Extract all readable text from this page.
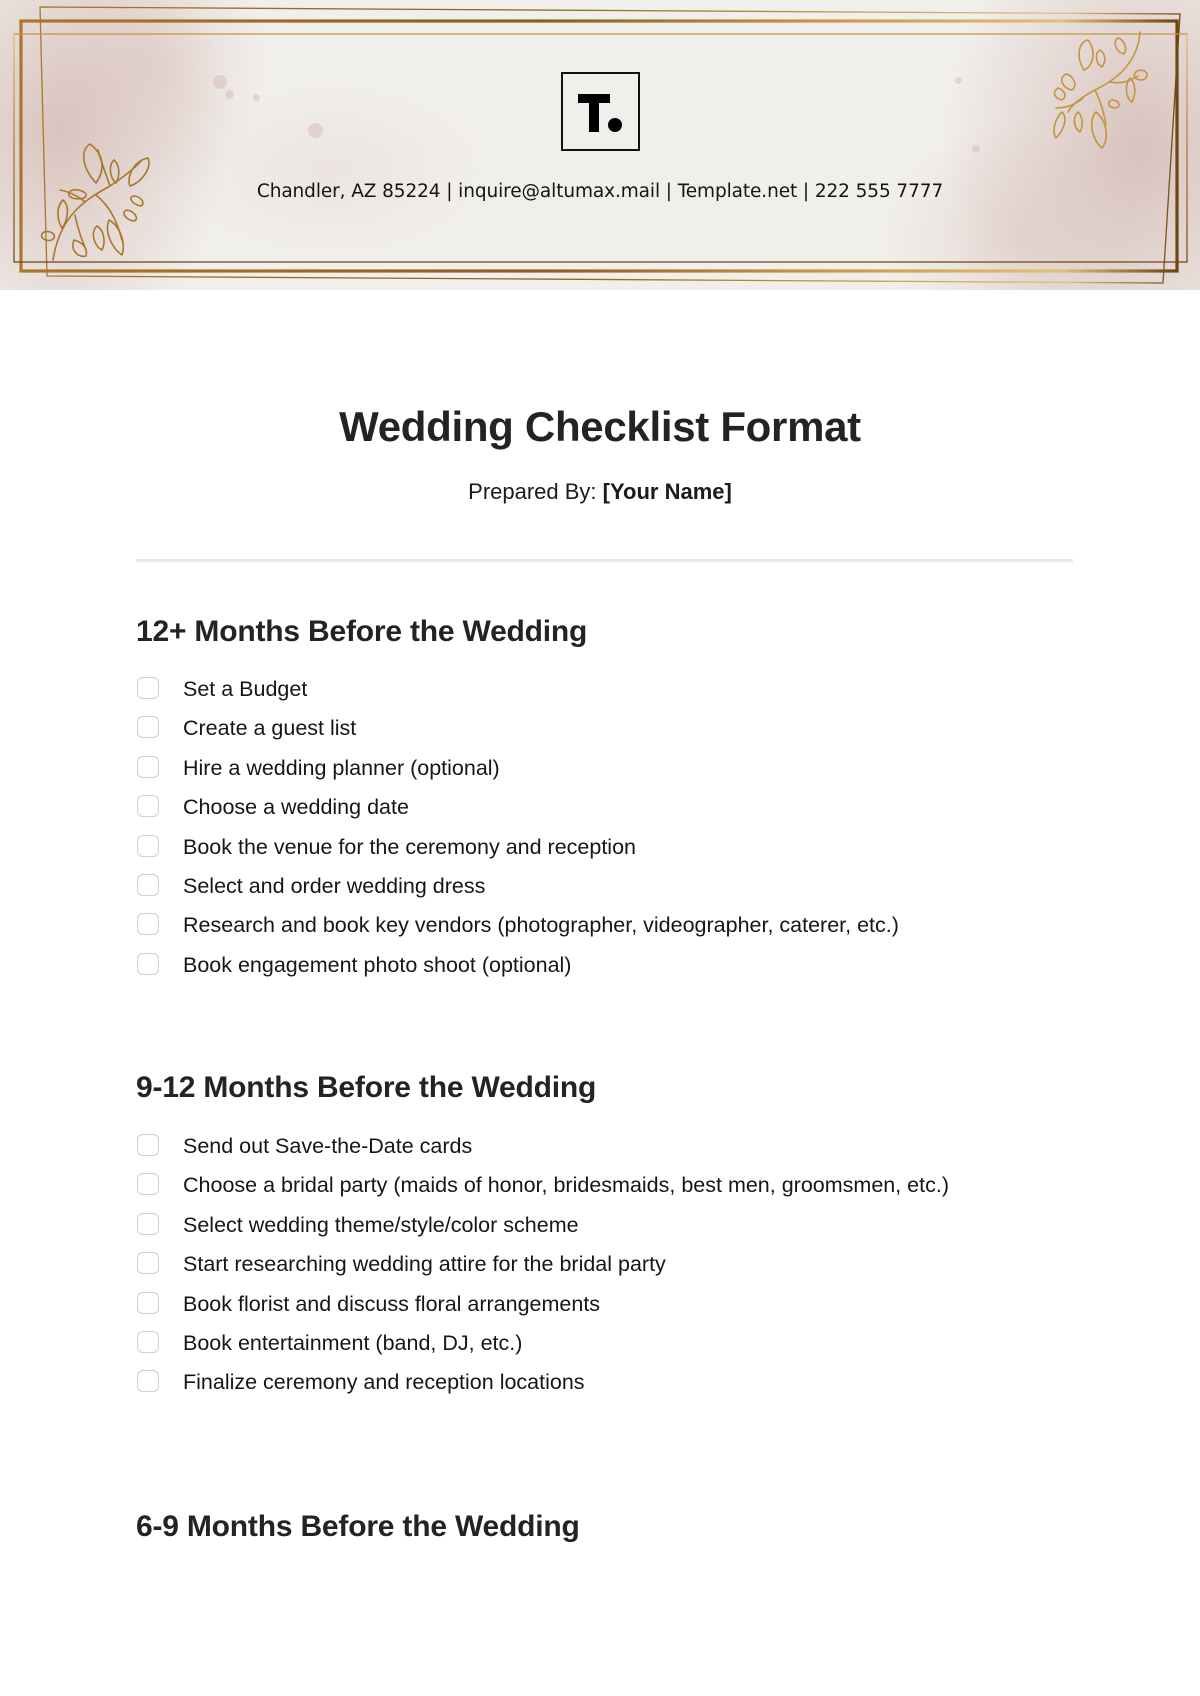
Chandler, AZ 85224 | inquire@altumax.mail | Template.net | 222 555 7777
Wedding Checklist Format
Prepared By: [Your Name]
12+ Months Before the Wedding
Set a Budget
Create a guest list
Hire a wedding planner (optional)
Choose a wedding date
Book the venue for the ceremony and reception
Select and order wedding dress
Research and book key vendors (photographer, videographer, caterer, etc.)
Book engagement photo shoot (optional)
9-12 Months Before the Wedding
Send out Save-the-Date cards
Choose a bridal party (maids of honor, bridesmaids, best men, groomsmen, etc.)
Select wedding theme/style/color scheme
Start researching wedding attire for the bridal party
Book florist and discuss floral arrangements
Book entertainment (band, DJ, etc.)
Finalize ceremony and reception locations
6-9 Months Before the Wedding
